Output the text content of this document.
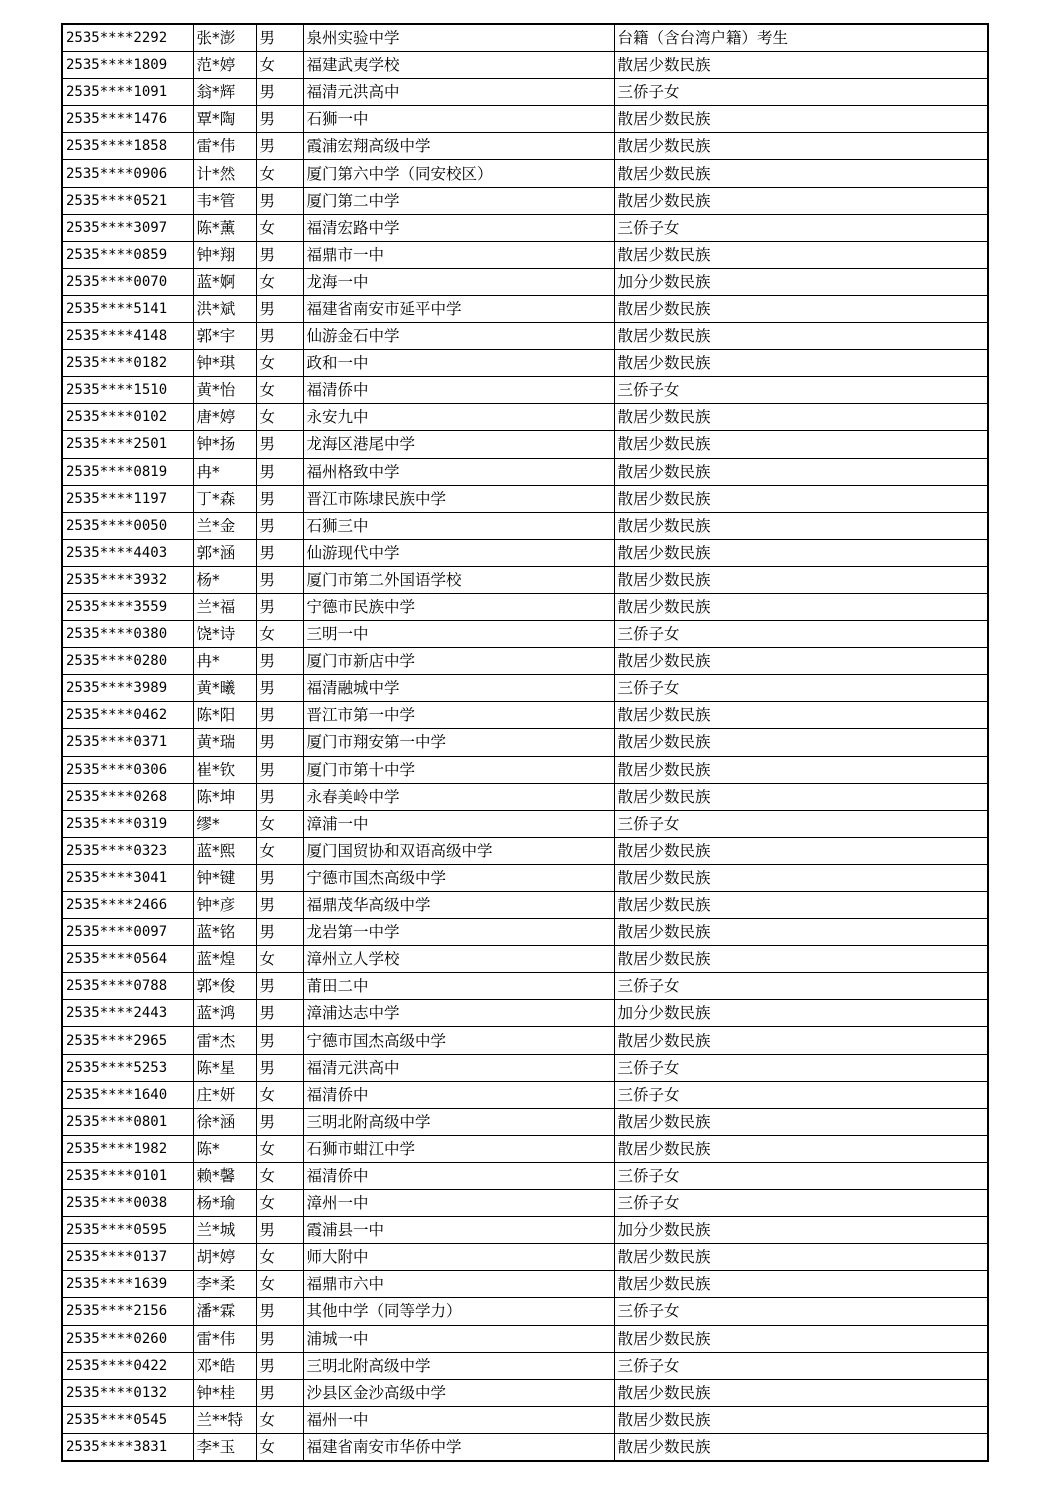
2535****2292	张*澎	男	泉州实验中学	台籍（含台湾户籍）考生
2535****1809	范*婷	女	福建武夷学校	散居少数民族
2535****1091	翁*辉	男	福清元洪高中	三侨子女
2535****1476	覃*陶	男	石狮一中	散居少数民族
2535****1858	雷*伟	男	霞浦宏翔高级中学	散居少数民族
2535****0906	计*然	女	厦门第六中学（同安校区）	散居少数民族
2535****0521	韦*管	男	厦门第二中学	散居少数民族
2535****3097	陈*薰	女	福清宏路中学	三侨子女
2535****0859	钟*翔	男	福鼎市一中	散居少数民族
2535****0070	蓝*婀	女	龙海一中	加分少数民族
2535****5141	洪*斌	男	福建省南安市延平中学	散居少数民族
2535****4148	郭*宇	男	仙游金石中学	散居少数民族
2535****0182	钟*琪	女	政和一中	散居少数民族
2535****1510	黄*怡	女	福清侨中	三侨子女
2535****0102	唐*婷	女	永安九中	散居少数民族
2535****2501	钟*扬	男	龙海区港尾中学	散居少数民族
2535****0819	冉*	男	福州格致中学	散居少数民族
2535****1197	丁*森	男	晋江市陈埭民族中学	散居少数民族
2535****0050	兰*金	男	石狮三中	散居少数民族
2535****4403	郭*涵	男	仙游现代中学	散居少数民族
2535****3932	杨*	男	厦门市第二外国语学校	散居少数民族
2535****3559	兰*福	男	宁德市民族中学	散居少数民族
2535****0380	饶*诗	女	三明一中	三侨子女
2535****0280	冉*	男	厦门市新店中学	散居少数民族
2535****3989	黄*曦	男	福清融城中学	三侨子女
2535****0462	陈*阳	男	晋江市第一中学	散居少数民族
2535****0371	黄*瑞	男	厦门市翔安第一中学	散居少数民族
2535****0306	崔*钦	男	厦门市第十中学	散居少数民族
2535****0268	陈*坤	男	永春美岭中学	散居少数民族
2535****0319	缪*	女	漳浦一中	三侨子女
2535****0323	蓝*熙	女	厦门国贸协和双语高级中学	散居少数民族
2535****3041	钟*键	男	宁德市国杰高级中学	散居少数民族
2535****2466	钟*彦	男	福鼎茂华高级中学	散居少数民族
2535****0097	蓝*铭	男	龙岩第一中学	散居少数民族
2535****0564	蓝*煌	女	漳州立人学校	散居少数民族
2535****0788	郭*俊	男	莆田二中	三侨子女
2535****2443	蓝*鸿	男	漳浦达志中学	加分少数民族
2535****2965	雷*杰	男	宁德市国杰高级中学	散居少数民族
2535****5253	陈*星	男	福清元洪高中	三侨子女
2535****1640	庄*妍	女	福清侨中	三侨子女
2535****0801	徐*涵	男	三明北附高级中学	散居少数民族
2535****1982	陈*	女	石狮市蚶江中学	散居少数民族
2535****0101	赖*馨	女	福清侨中	三侨子女
2535****0038	杨*瑜	女	漳州一中	三侨子女
2535****0595	兰*城	男	霞浦县一中	加分少数民族
2535****0137	胡*婷	女	师大附中	散居少数民族
2535****1639	李*柔	女	福鼎市六中	散居少数民族
2535****2156	潘*霖	男	其他中学（同等学力）	三侨子女
2535****0260	雷*伟	男	浦城一中	散居少数民族
2535****0422	邓*皓	男	三明北附高级中学	三侨子女
2535****0132	钟*桂	男	沙县区金沙高级中学	散居少数民族
2535****0545	兰**特	女	福州一中	散居少数民族
2535****3831	李*玉	女	福建省南安市华侨中学	散居少数民族
